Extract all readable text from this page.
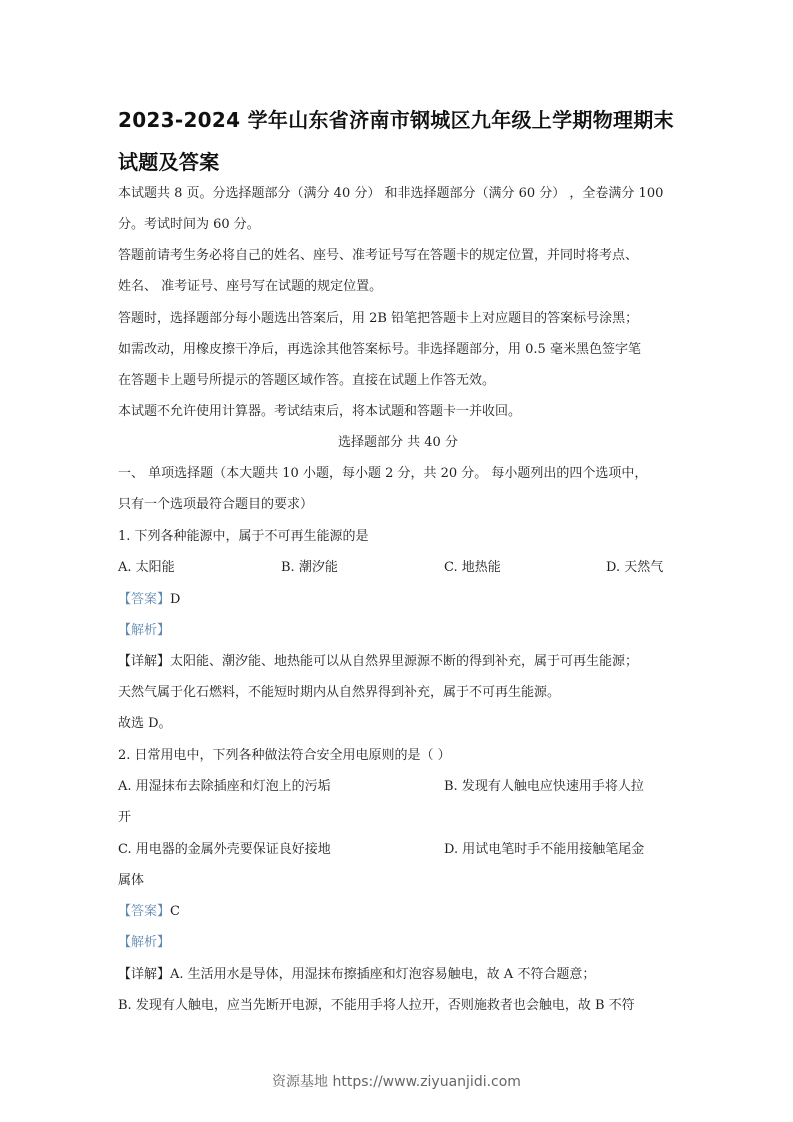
2023-2024 学年山东省济南市钢城区九年级上学期物理期末
试题及答案
本试题共 8 页。分选择题部分（满分 40 分） 和非选择题部分（满分 60 分） ，全卷满分 100
分。考试时间为 60 分。
答题前请考生务必将自己的姓名、座号、准考证号写在答题卡的规定位置，并同时将考点、
姓名、 准考证号、座号写在试题的规定位置。
答题时，选择题部分每小题选出答案后，用 2B 铅笔把答题卡上对应题目的答案标号涂黑；
如需改动，用橡皮擦干净后，再选涂其他答案标号。非选择题部分，用 0.5 毫米黑色签字笔
在答题卡上题号所提示的答题区域作答。直接在试题上作答无效。
本试题不允许使用计算器。考试结束后，将本试题和答题卡一并收回。
选择题部分 共 40 分
一、 单项选择题（本大题共 10 小题，每小题 2 分，共 20 分。 每小题列出的四个选项中，
只有一个选项最符合题目的要求）
1. 下列各种能源中，属于不可再生能源的是
A. 太阳能	B. 潮汐能	C. 地热能	D. 天然气
【答案】D
【解析】
【详解】太阳能、潮汐能、地热能可以从自然界里源源不断的得到补充，属于可再生能源；
天然气属于化石燃料，不能短时期内从自然界得到补充，属于不可再生能源。
故选 D。
2. 日常用电中，下列各种做法符合安全用电原则的是（ ）
A. 用湿抹布去除插座和灯泡上的污垢	B. 发现有人触电应快速用手将人拉
开
C. 用电器的金属外壳要保证良好接地	D. 用试电笔时手不能用接触笔尾金
属体
【答案】C
【解析】
【详解】A. 生活用水是导体，用湿抹布擦插座和灯泡容易触电，故 A 不符合题意；
B. 发现有人触电，应当先断开电源，不能用手将人拉开，否则施救者也会触电，故 B 不符
资源基地 https://www.ziyuanjidi.com
